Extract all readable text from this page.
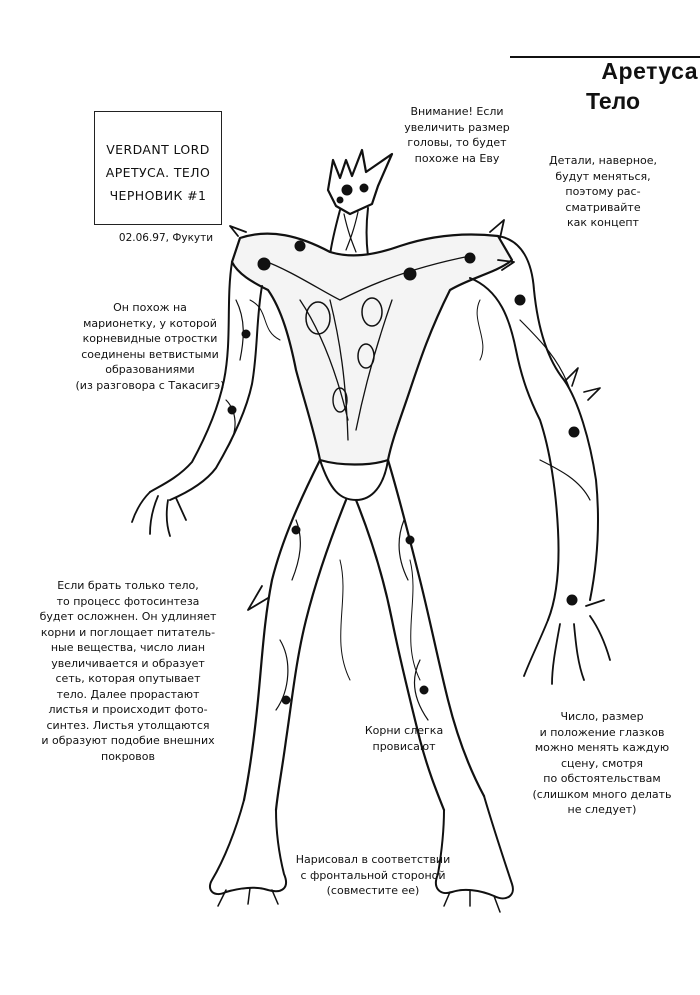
Аретуса
Тело
VERDANT LORD
АРЕТУСА. ТЕЛО
ЧЕРНОВИК #1
02.06.97, Фукути
Внимание! Если
увеличить размер
головы, то будет
похоже на Еву	Детали, наверное,
будут меняться,
поэтому рас-
сматривайте
как концепт
Он похож на
марионетку, у которой
корневидные отростки
соединены ветвистыми
образованиями
(из разговора с Такасигэ)
Если брать только тело,
то процесс фотосинтеза
будет осложнен. Он удлиняет
корни и поглощает питатель-
ные вещества, число лиан
увеличивается и образует
сеть, которая опутывает
тело. Далее прорастают
листья и происходит фото-
синтез. Листья утолщаются
и образуют подобие внешних
покровов
Корни слегка
провисают
Число, размер
и положение глазков
можно менять каждую
сцену, смотря
по обстоятельствам
(слишком много делать
не следует)
Нарисовал в соответствии
с фронтальной стороной
(совместите ее)
